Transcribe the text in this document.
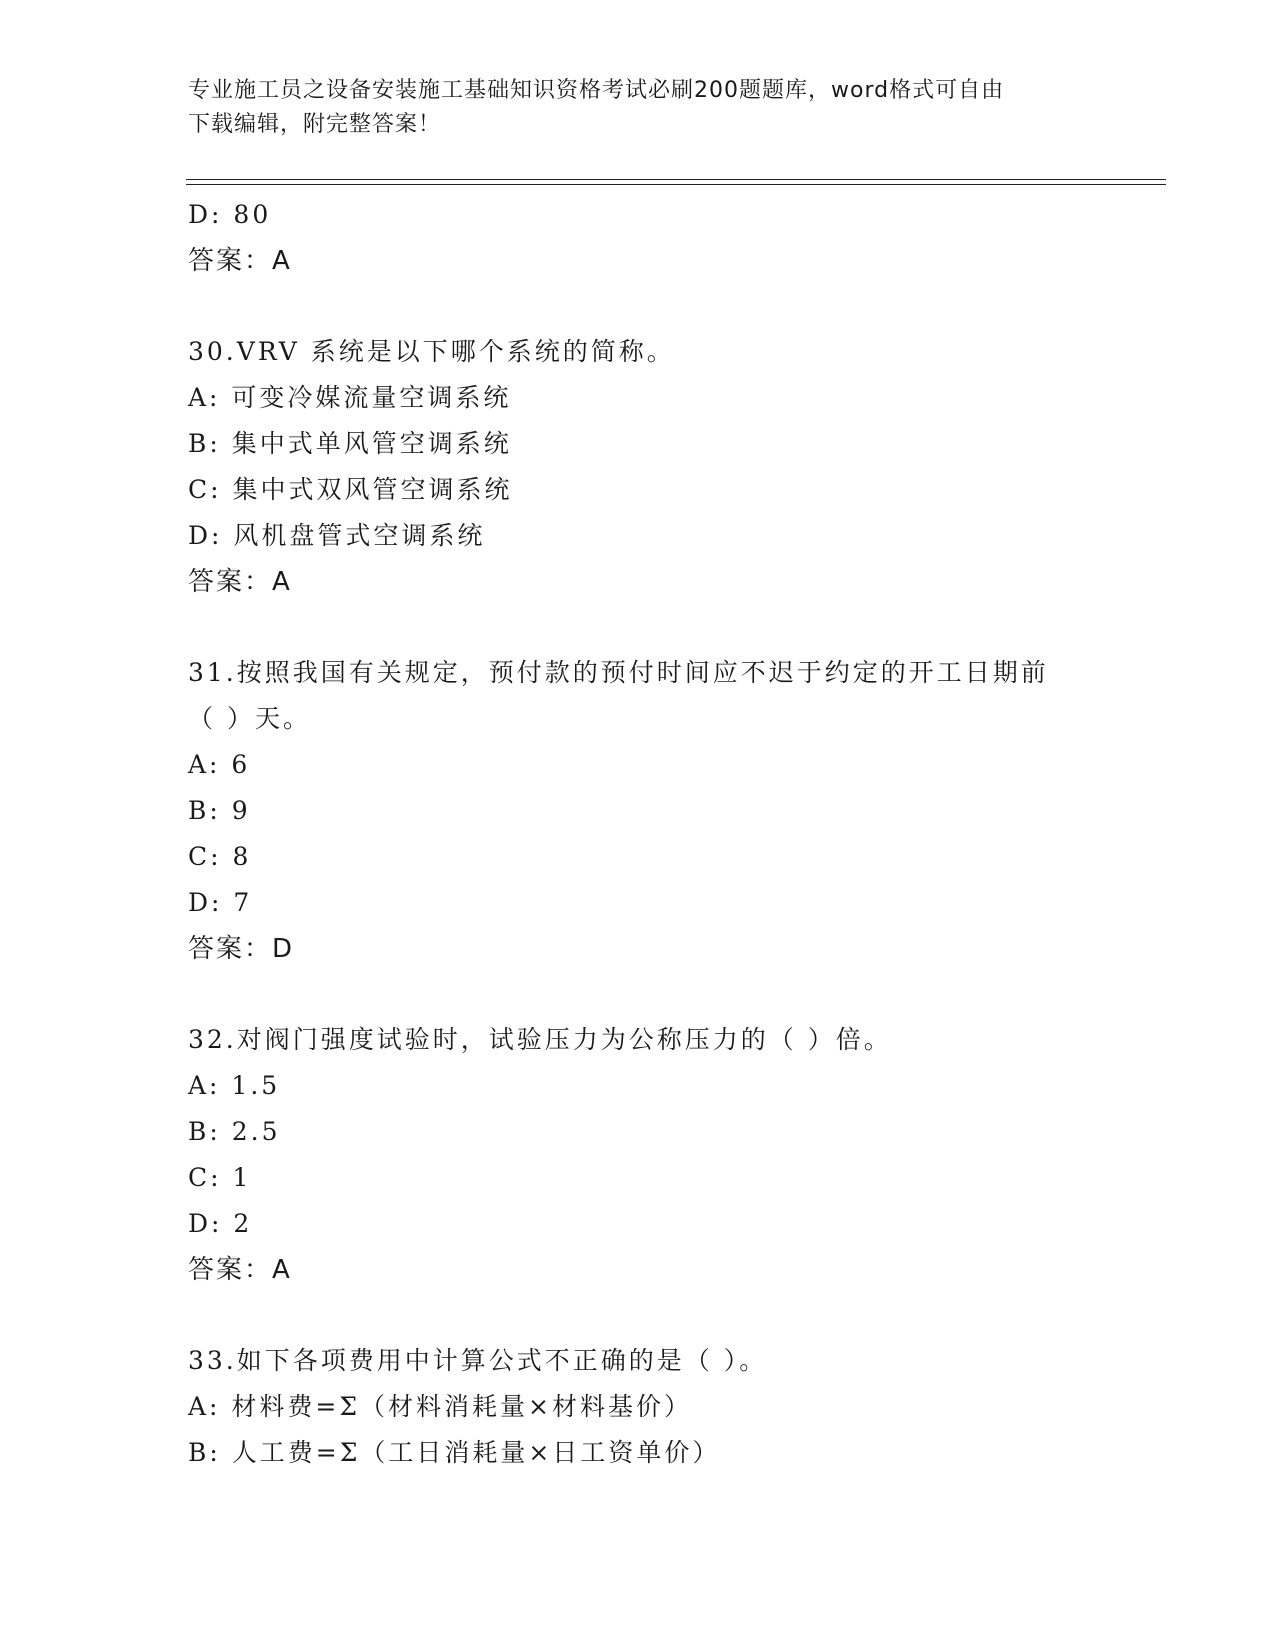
专业施工员之设备安装施工基础知识资格考试必刷200题题库，word格式可自由
下载编辑，附完整答案！
D: 80
答案：A
30.VRV 系统是以下哪个系统的简称。
A: 可变冷媒流量空调系统
B: 集中式单风管空调系统
C: 集中式双风管空调系统
D: 风机盘管式空调系统
答案：A
31.按照我国有关规定，预付款的预付时间应不迟于约定的开工日期前
（ ）天。
A: 6
B: 9
C: 8
D: 7
答案：D
32.对阀门强度试验时，试验压力为公称压力的（ ）倍。
A: 1.5
B: 2.5
C: 1
D: 2
答案：A
33.如下各项费用中计算公式不正确的是（ ）。
A: 材料费=Σ（材料消耗量×材料基价）
B: 人工费=Σ（工日消耗量×日工资单价）
